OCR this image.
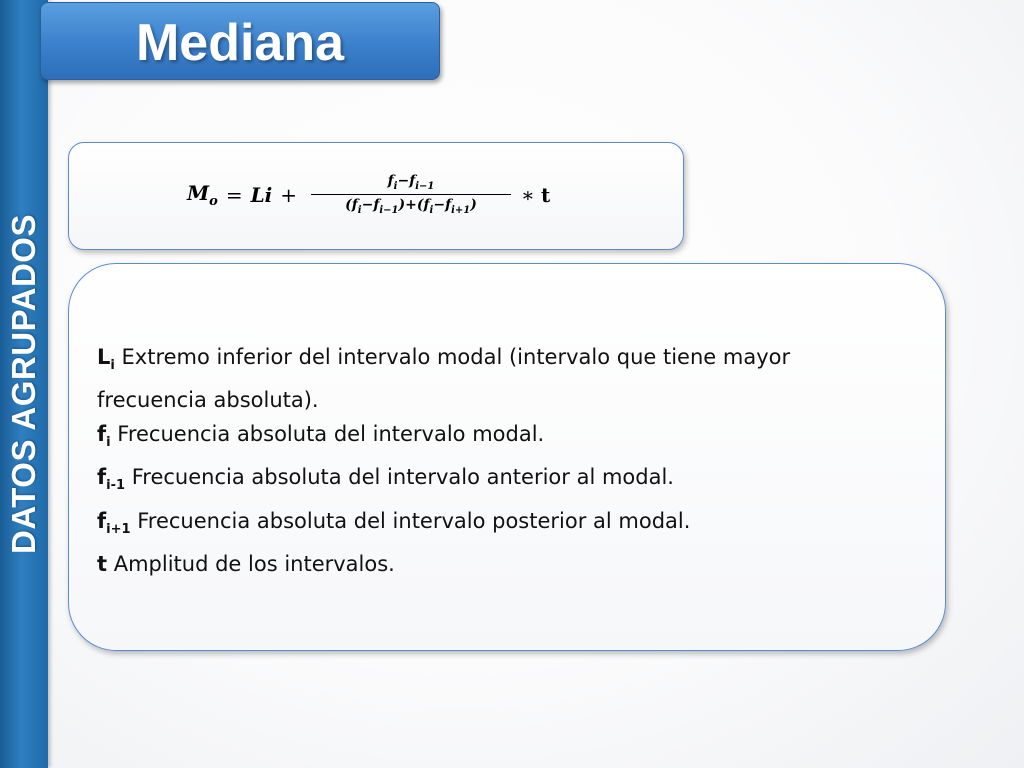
DATOS AGRUPADOS
Mediana
$M_o = Li + \frac{f_i-f_{i-1}}{(f_i-f_{i-1})+(f_i-f_{i+1})}$ ∗ t
$L_i$ Extremo inferior del intervalo modal (intervalo que tiene mayor frecuencia absoluta).
$f_i$ Frecuencia absoluta del intervalo modal.
$f_{i-1}$ Frecuencia absoluta del intervalo anterior al modal.
$f_{i+1}$ Frecuencia absoluta del intervalo posterior al modal.
t Amplitud de los intervalos.
